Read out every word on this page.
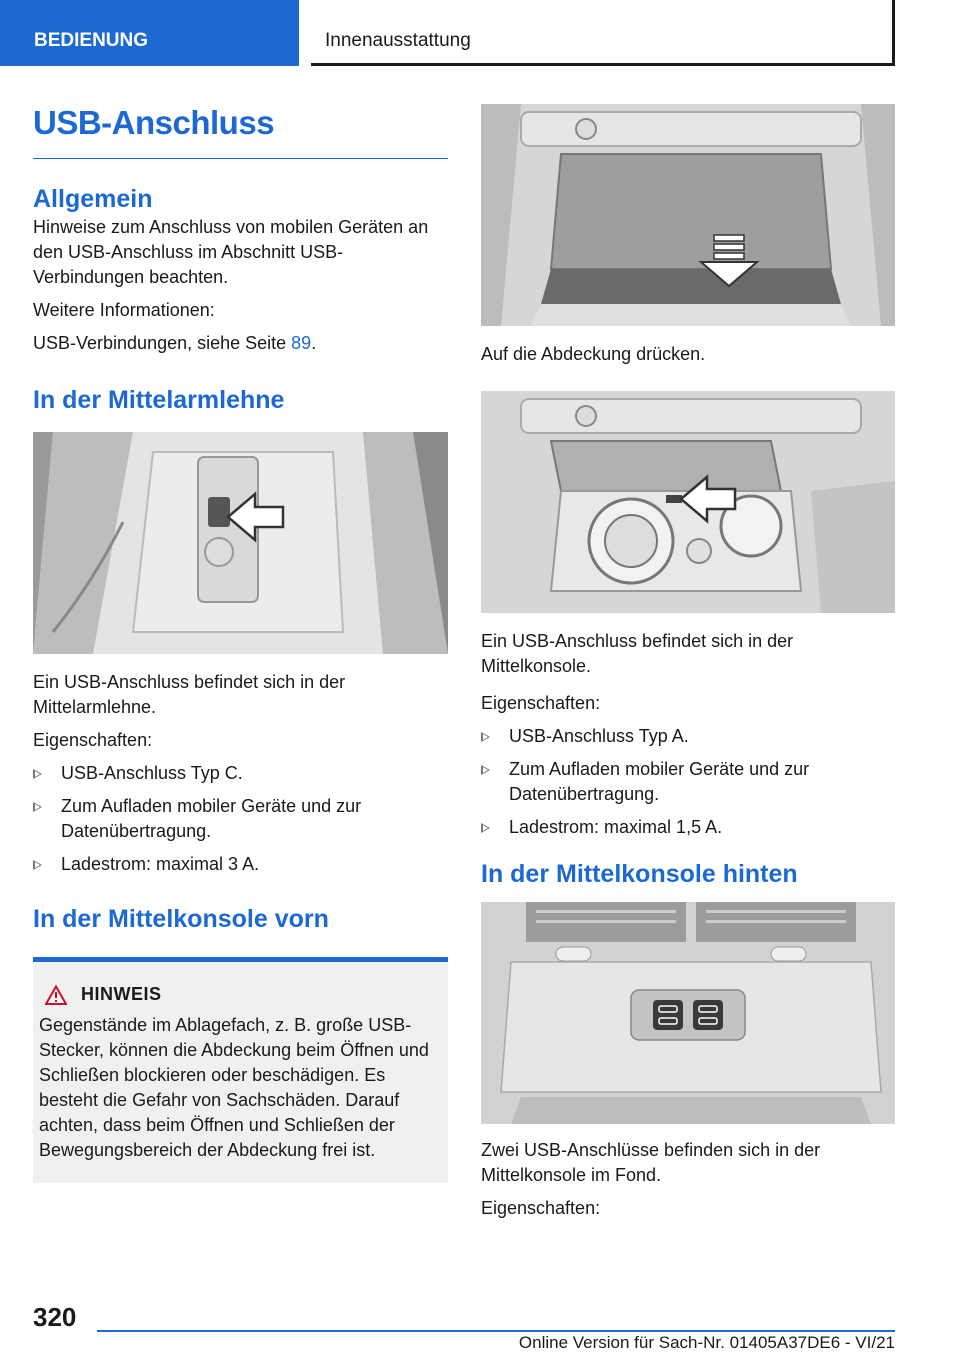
BEDIENUNG	Innenausstattung
USB-Anschluss
Allgemein

Hinweise zum Anschluss von mobilen Geräten an den USB-Anschluss im Abschnitt USB-Verbindungen beachten.

Weitere Informationen:

USB-Verbindungen, siehe Seite 89.

In der Mittelarmlehne

Ein USB-Anschluss befindet sich in der Mittelarmlehne.

Eigenschaften:

USB-Anschluss Typ C.
Zum Aufladen mobiler Geräte und zur Datenübertragung.
Ladestrom: maximal 3 A.
In der Mittelkonsole vorn
HINWEIS

Gegenstände im Ablagefach, z. B. große USB-Stecker, können die Abdeckung beim Öffnen und Schließen blockieren oder beschädigen. Es besteht die Gefahr von Sachschäden. Darauf achten, dass beim Öffnen und Schließen der Bewegungsbereich der Abdeckung frei ist.

Auf die Abdeckung drücken.

Ein USB-Anschluss befindet sich in der Mittelkonsole.

Eigenschaften:

USB-Anschluss Typ A.
Zum Aufladen mobiler Geräte und zur Datenübertragung.
Ladestrom: maximal 1,5 A.
In der Mittelkonsole hinten

Zwei USB-Anschlüsse befinden sich in der Mittelkonsole im Fond.

Eigenschaften:

320
Online Version für Sach-Nr. 01405A37DE6 - VI/21
